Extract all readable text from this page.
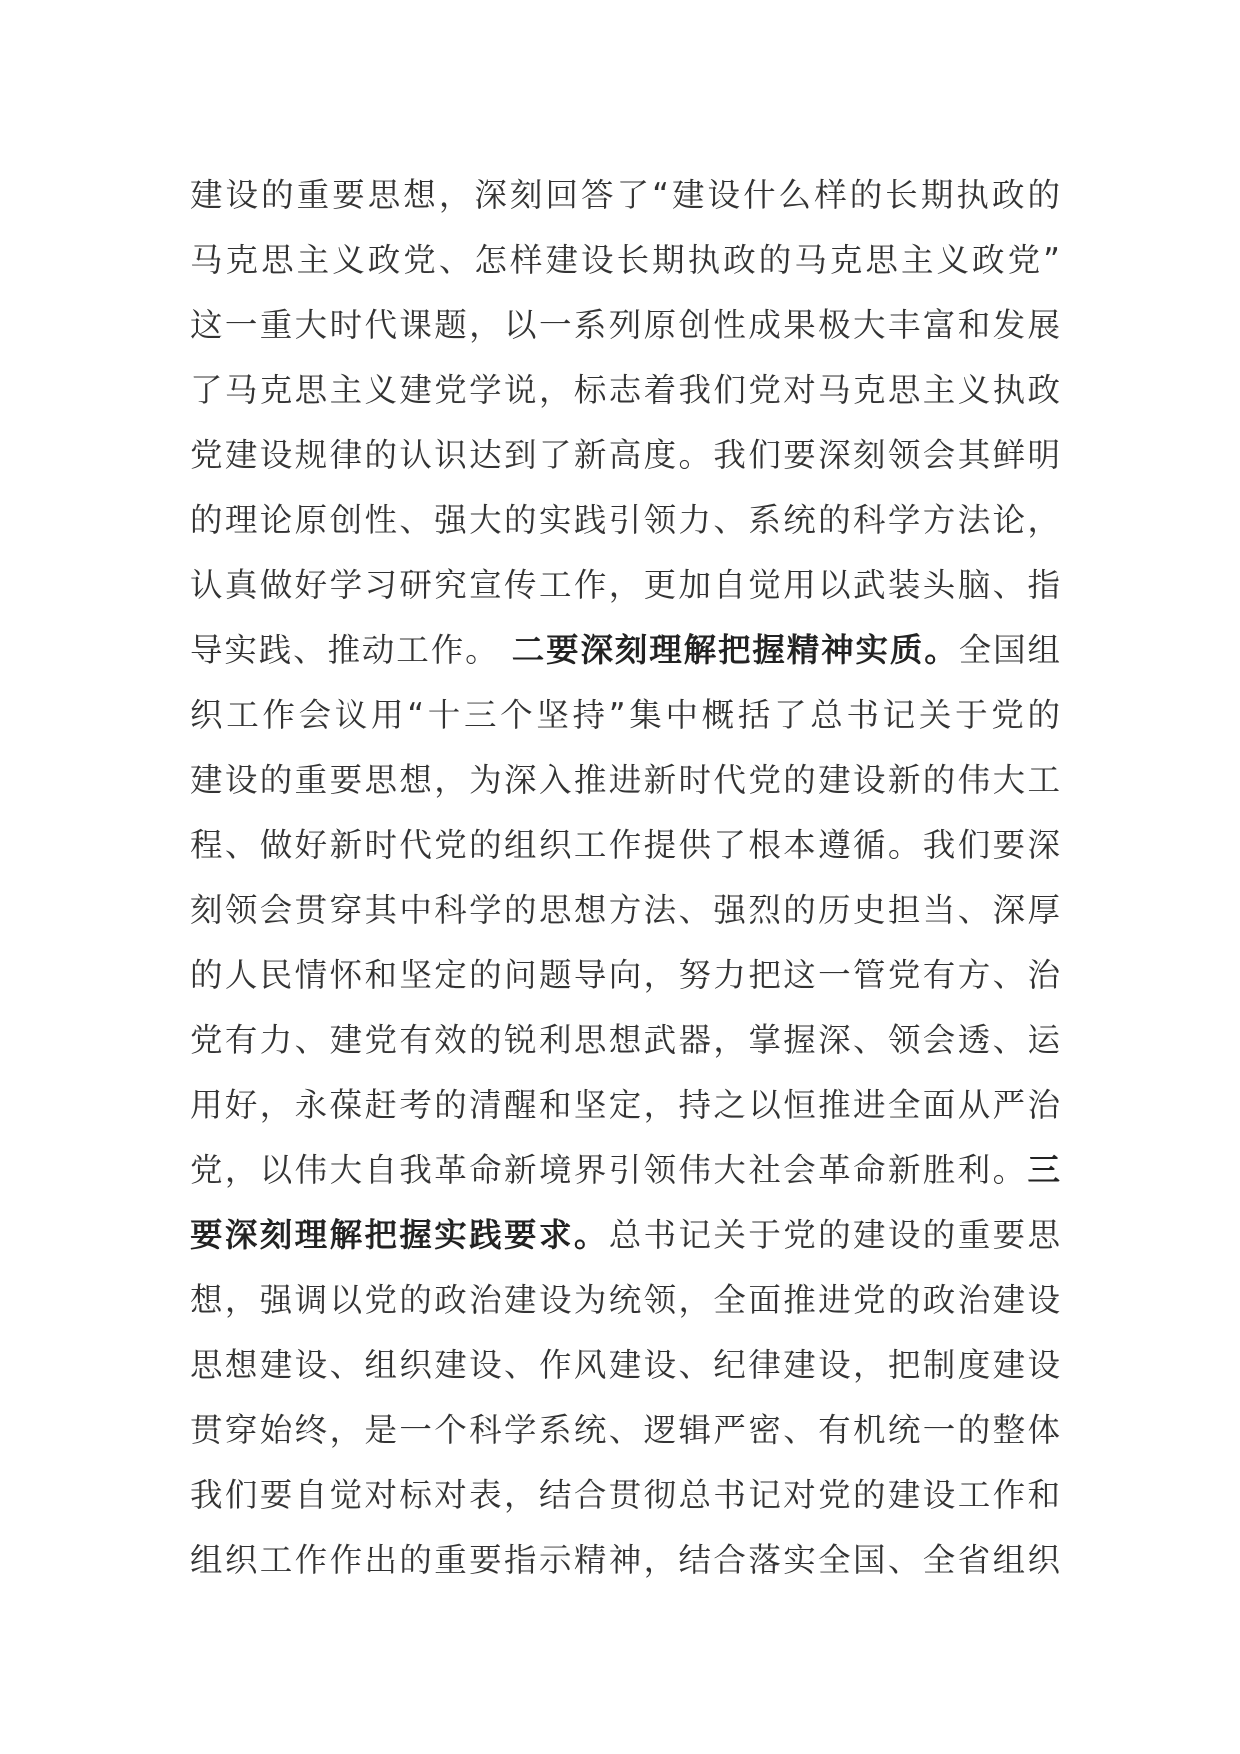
建设的重要思想，深刻回答了“建设什么样的长期执政的
马克思主义政党、怎样建设长期执政的马克思主义政党”
这一重大时代课题，以一系列原创性成果极大丰富和发展
了马克思主义建党学说，标志着我们党对马克思主义执政
党建设规律的认识达到了新高度。我们要深刻领会其鲜明
的理论原创性、强大的实践引领力、系统的科学方法论，
认真做好学习研究宣传工作，更加自觉用以武装头脑、指
导实践、推动工作。 二要深刻理解把握精神实质。全国组
织工作会议用“十三个坚持”集中概括了总书记关于党的
建设的重要思想，为深入推进新时代党的建设新的伟大工
程、做好新时代党的组织工作提供了根本遵循。我们要深
刻领会贯穿其中科学的思想方法、强烈的历史担当、深厚
的人民情怀和坚定的问题导向，努力把这一管党有方、治
党有力、建党有效的锐利思想武器，掌握深、领会透、运
用好，永葆赶考的清醒和坚定，持之以恒推进全面从严治
党，以伟大自我革命新境界引领伟大社会革命新胜利。三
要深刻理解把握实践要求。总书记关于党的建设的重要思
想，强调以党的政治建设为统领，全面推进党的政治建设
思想建设、组织建设、作风建设、纪律建设，把制度建设
贯穿始终，是一个科学系统、逻辑严密、有机统一的整体
我们要自觉对标对表，结合贯彻总书记对党的建设工作和
组织工作作出的重要指示精神，结合落实全国、全省组织
